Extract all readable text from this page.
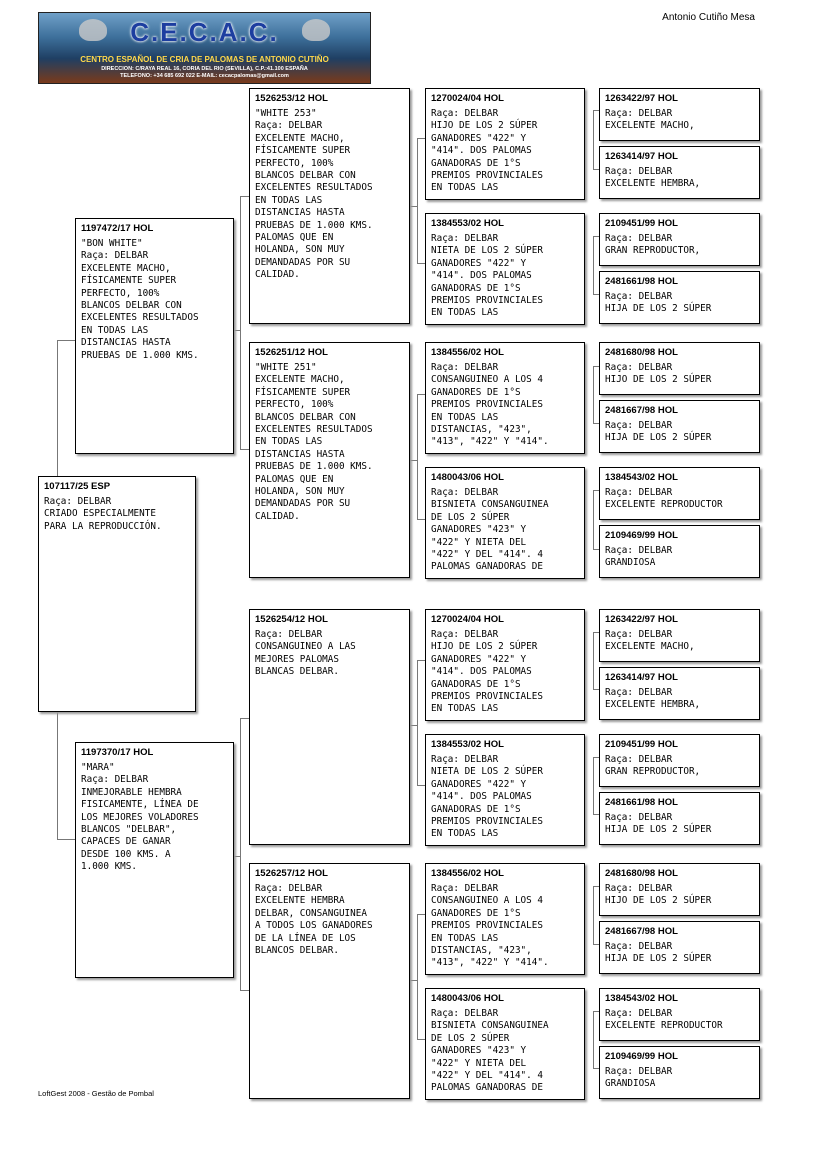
C.E.C.A.C.
CENTRO ESPAÑOL DE CRIA DE PALOMAS DE ANTONIO CUTIÑO
DIRECCION: C/RAYA REAL 16, CORIA DEL RIO (SEVILLA), C.P.:41.100 ESPAÑA
TELEFONO: +34 685 692 022 E-MAIL: cecacpalomas@gmail.com
Antonio Cutiño Mesa
107117/25 ESP
Raça: DELBAR
CRIADO ESPECIALMENTE
PARA LA REPRODUCCIÓN.
1197472/17 HOL
"BON WHITE"
Raça: DELBAR
EXCELENTE MACHO,
FÍSICAMENTE SUPER
PERFECTO, 100%
BLANCOS DELBAR CON
EXCELENTES RESULTADOS
EN TODAS LAS
DISTANCIAS HASTA
PRUEBAS DE 1.000 KMS.
1197370/17 HOL
"MARA"
Raça: DELBAR
INMEJORABLE HEMBRA
FISICAMENTE, LÍNEA DE
LOS MEJORES VOLADORES
BLANCOS "DELBAR",
CAPACES DE GANAR
DESDE 100 KMS. A
1.000 KMS.
1526253/12 HOL
"WHITE 253"
Raça: DELBAR
EXCELENTE MACHO,
FÍSICAMENTE SUPER
PERFECTO, 100%
BLANCOS DELBAR CON
EXCELENTES RESULTADOS
EN TODAS LAS
DISTANCIAS HASTA
PRUEBAS DE 1.000 KMS.
PALOMAS QUE EN
HOLANDA, SON MUY
DEMANDADAS POR SU
CALIDAD.
1526251/12 HOL
"WHITE 251"
EXCELENTE MACHO,
FÍSICAMENTE SUPER
PERFECTO, 100%
BLANCOS DELBAR CON
EXCELENTES RESULTADOS
EN TODAS LAS
DISTANCIAS HASTA
PRUEBAS DE 1.000 KMS.
PALOMAS QUE EN
HOLANDA, SON MUY
DEMANDADAS POR SU
CALIDAD.
1526254/12 HOL
Raça: DELBAR
CONSANGUINEO A LAS
MEJORES PALOMAS
BLANCAS DELBAR.
1526257/12 HOL
Raça: DELBAR
EXCELENTE HEMBRA
DELBAR, CONSANGUINEA
A TODOS LOS GANADORES
DE LA LÍNEA DE LOS
BLANCOS DELBAR.
1270024/04 HOL
Raça: DELBAR
HIJO DE LOS 2 SÚPER
GANADORES "422" Y
"414". DOS PALOMAS
GANADORAS DE 1°S
PREMIOS PROVINCIALES
EN TODAS LAS
1384553/02 HOL
Raça: DELBAR
NIETA DE LOS 2 SÚPER
GANADORES "422" Y
"414". DOS PALOMAS
GANADORAS DE 1°S
PREMIOS PROVINCIALES
EN TODAS LAS
1384556/02 HOL
Raça: DELBAR
CONSANGUINEO A LOS 4
GANADORES DE 1°S
PREMIOS PROVINCIALES
EN TODAS LAS
DISTANCIAS, "423",
"413", "422" Y "414".
1480043/06 HOL
Raça: DELBAR
BISNIETA CONSANGUINEA
DE LOS 2 SÚPER
GANADORES "423" Y
"422" Y NIETA DEL
"422" Y DEL "414". 4
PALOMAS GANADORAS DE
1270024/04 HOL
Raça: DELBAR
HIJO DE LOS 2 SÚPER
GANADORES "422" Y
"414". DOS PALOMAS
GANADORAS DE 1°S
PREMIOS PROVINCIALES
EN TODAS LAS
1384553/02 HOL
Raça: DELBAR
NIETA DE LOS 2 SÚPER
GANADORES "422" Y
"414". DOS PALOMAS
GANADORAS DE 1°S
PREMIOS PROVINCIALES
EN TODAS LAS
1384556/02 HOL
Raça: DELBAR
CONSANGUINEO A LOS 4
GANADORES DE 1°S
PREMIOS PROVINCIALES
EN TODAS LAS
DISTANCIAS, "423",
"413", "422" Y "414".
1480043/06 HOL
Raça: DELBAR
BISNIETA CONSANGUINEA
DE LOS 2 SÚPER
GANADORES "423" Y
"422" Y NIETA DEL
"422" Y DEL "414". 4
PALOMAS GANADORAS DE
1263422/97 HOL
Raça: DELBAR
EXCELENTE MACHO,
1263414/97 HOL
Raça: DELBAR
EXCELENTE HEMBRA,
2109451/99 HOL
Raça: DELBAR
GRAN REPRODUCTOR,
2481661/98 HOL
Raça: DELBAR
HIJA DE LOS 2 SÚPER
2481680/98 HOL
Raça: DELBAR
HIJO DE LOS 2 SÚPER
2481667/98 HOL
Raça: DELBAR
HIJA DE LOS 2 SÚPER
1384543/02 HOL
Raça: DELBAR
EXCELENTE REPRODUCTOR
2109469/99 HOL
Raça: DELBAR
GRANDIOSA
1263422/97 HOL
Raça: DELBAR
EXCELENTE MACHO,
1263414/97 HOL
Raça: DELBAR
EXCELENTE HEMBRA,
2109451/99 HOL
Raça: DELBAR
GRAN REPRODUCTOR,
2481661/98 HOL
Raça: DELBAR
HIJA DE LOS 2 SÚPER
2481680/98 HOL
Raça: DELBAR
HIJO DE LOS 2 SÚPER
2481667/98 HOL
Raça: DELBAR
HIJA DE LOS 2 SÚPER
1384543/02 HOL
Raça: DELBAR
EXCELENTE REPRODUCTOR
2109469/99 HOL
Raça: DELBAR
GRANDIOSA
LoftGest 2008 - Gestão de Pombal
